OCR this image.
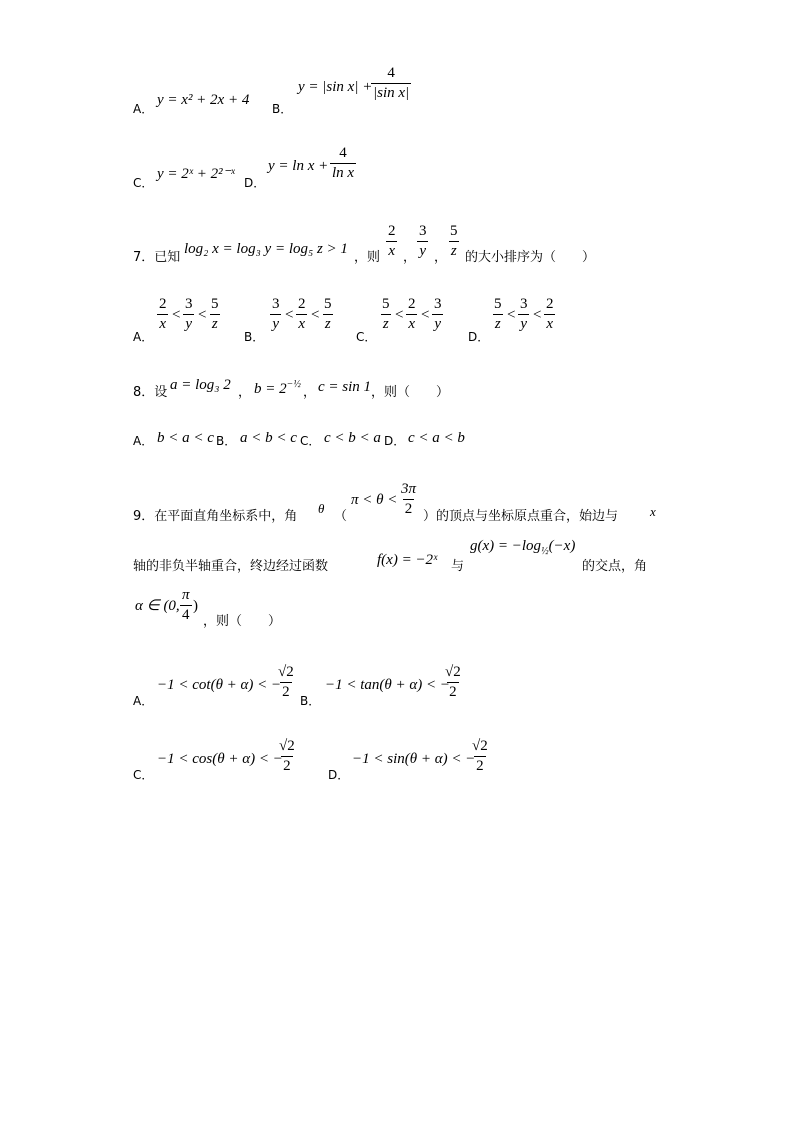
A．
y = x² + 2x + 4
B．
y = |sin x| +
$\frac{4}{\text{|sin x|}}$
C．
y = 2ˣ + 2²⁻ˣ
D．
$y = \ln x + \frac{4}{\text{ln x}}$
7．已知
log₂ x = log₃ y = log₅ z > 1
，则 $\frac{2}{x}$ ， $\frac{3}{y}$ ， $\frac{5}{z}$ 的大小排序为（　　）
A．
$\frac{2}{x} < \frac{3}{y} < \frac{5}{z}$
B．
$\frac{3}{y} < \frac{2}{x} < \frac{5}{z}$
C．
$\frac{5}{z} < \frac{2}{x} < \frac{3}{y}$
D．
$\frac{5}{z} < \frac{3}{y} < \frac{2}{x}$
8．设 a = log₃ 2 ， $b = 2^{-\frac{1}{2}}$
， c = sin 1 ，则（　　）
A． b < a < c B． a < b < c C． c < b < a D． c < a < b
9．在平面直角坐标系中，角
θ
（
$\pi < \theta < \frac{3\pi}{2}$ ）的顶点与坐标原点重合，始边与 x
轴的非负半轴重合，终边经过函数	f(x) = −2ˣ 与
$g(x) = -\log_{\frac{1}{2}}(-x)$
的交点，角
α ∈ (0, $\frac{\pi}{4}$ )
，则（　　）
A．
−1 < cot(θ + α) < −
$\frac{√2}{2}$
B．
−1 < tan(θ + α) < −
$\frac{√2}{2}$
C．
−1 < cos(θ + α) < −
$\frac{√2}{2}$
D．
−1 < sin(θ + α) < −
$\frac{√2}{2}$
